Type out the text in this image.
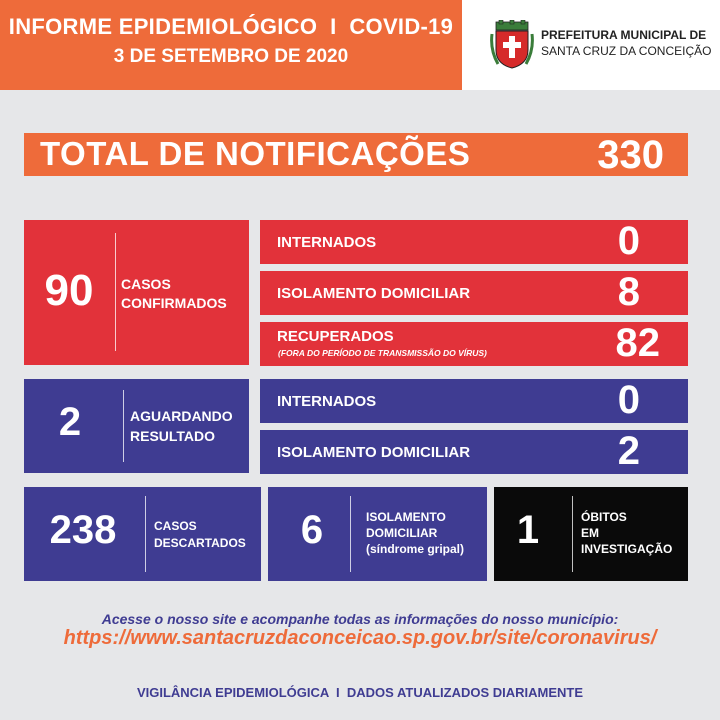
INFORME EPIDEMIOLÓGICO  I  COVID-19
3 DE SETEMBRO DE 2020
PREFEITURA MUNICIPAL DE
SANTA CRUZ DA CONCEIÇÃO
TOTAL DE NOTIFICAÇÕES	330
90	CASOS
CONFIRMADOS
INTERNADOS	0
ISOLAMENTO DOMICILIAR	8
RECUPERADOS
(FORA DO PERÍODO DE TRANSMISSÃO DO VÍRUS)	82
2	AGUARDANDO
RESULTADO
INTERNADOS	0
ISOLAMENTO DOMICILIAR	2
238	CASOS
DESCARTADOS	6	ISOLAMENTO
DOMICILIAR
(síndrome gripal)	1	ÓBITOS
EM
INVESTIGAÇÃO
Acesse o nosso site e acompanhe todas as informações do nosso município:
https://www.santacruzdaconceicao.sp.gov.br/site/coronavirus/
VIGILÂNCIA EPIDEMIOLÓGICA  I  DADOS ATUALIZADOS DIARIAMENTE
